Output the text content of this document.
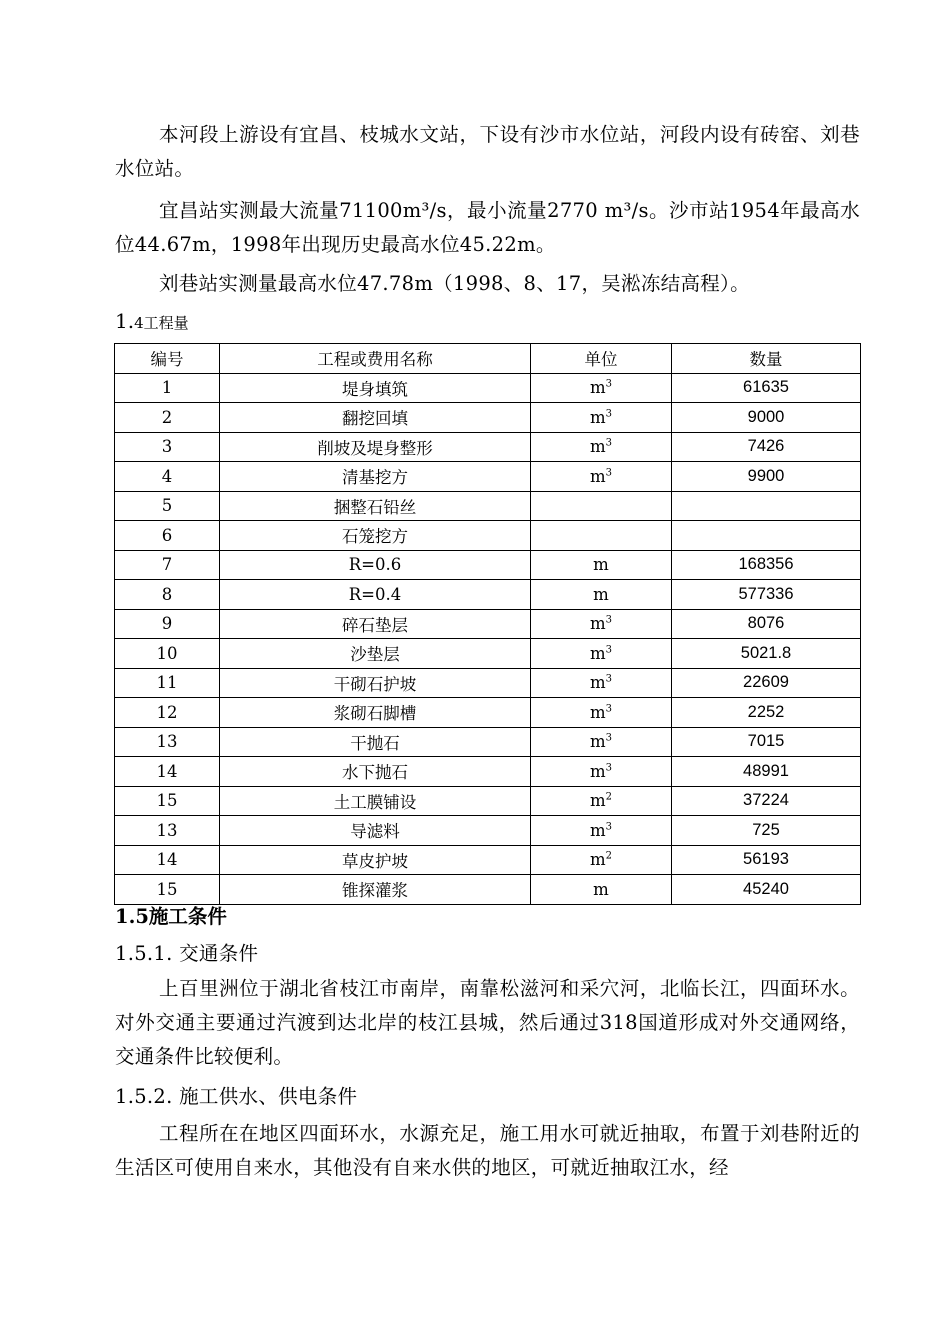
本河段上游设有宜昌、枝城水文站，下设有沙市水位站，河段内设有砖窑、刘巷水位站。

宜昌站实测最大流量71100m³/s，最小流量2770 m³/s。沙市站1954年最高水位44.67m，1998年出现历史最高水位45.22m。

刘巷站实测量最高水位47.78m（1998、8、17，吴淞冻结高程）。

1.4工程量

编号	工程或费用名称	单位	数量
1	堤身填筑	$m^3$	61635
2	翻挖回填	$m^3$	9000
3	削坡及堤身整形	$m^3$	7426
4	清基挖方	$m^3$	9900
5	捆整石铅丝		
6	石笼挖方		
7	R=0.6	m	168356
8	R=0.4	m	577336
9	碎石垫层	$m^3$	8076
10	沙垫层	$m^3$	5021.8
11	干砌石护坡	$m^3$	22609
12	浆砌石脚槽	$m^3$	2252
13	干抛石	$m^3$	7015
14	水下抛石	$m^3$	48991
15	土工膜铺设	$m^2$	37224
13	导滤料	$m^3$	725
14	草皮护坡	$m^2$	56193
15	锥探灌浆	m	45240

1.5施工条件

1.5.1. 交通条件

上百里洲位于湖北省枝江市南岸，南靠松滋河和采穴河，北临长江，四面环水。对外交通主要通过汽渡到达北岸的枝江县城，然后通过318国道形成对外交通网络，交通条件比较便利。

1.5.2. 施工供水、供电条件

工程所在在地区四面环水，水源充足，施工用水可就近抽取，布置于刘巷附近的生活区可使用自来水，其他没有自来水供的地区，可就近抽取江水，经
